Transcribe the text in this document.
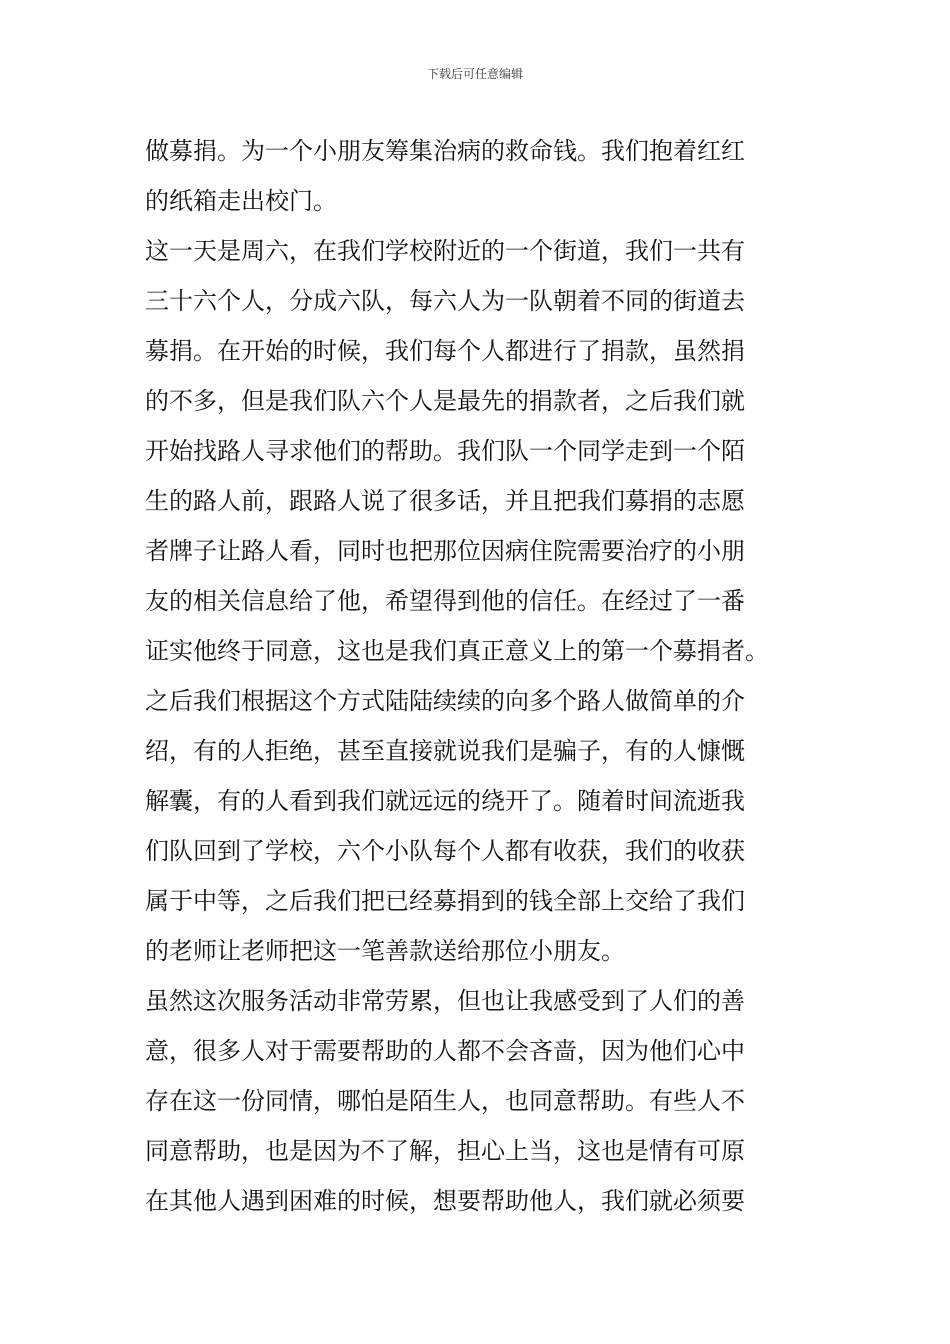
下载后可任意编辑
做募捐。为一个小朋友筹集治病的救命钱。我们抱着红红
的纸箱走出校门。
这一天是周六，在我们学校附近的一个街道，我们一共有
三十六个人，分成六队，每六人为一队朝着不同的街道去
募捐。在开始的时候，我们每个人都进行了捐款，虽然捐
的不多，但是我们队六个人是最先的捐款者，之后我们就
开始找路人寻求他们的帮助。我们队一个同学走到一个陌
生的路人前，跟路人说了很多话，并且把我们募捐的志愿
者牌子让路人看，同时也把那位因病住院需要治疗的小朋
友的相关信息给了他，希望得到他的信任。在经过了一番
证实他终于同意，这也是我们真正意义上的第一个募捐者。
之后我们根据这个方式陆陆续续的向多个路人做简单的介
绍，有的人拒绝，甚至直接就说我们是骗子，有的人慷慨
解囊，有的人看到我们就远远的绕开了。随着时间流逝我
们队回到了学校，六个小队每个人都有收获，我们的收获
属于中等，之后我们把已经募捐到的钱全部上交给了我们
的老师让老师把这一笔善款送给那位小朋友。
虽然这次服务活动非常劳累，但也让我感受到了人们的善
意，很多人对于需要帮助的人都不会吝啬，因为他们心中
存在这一份同情，哪怕是陌生人，也同意帮助。有些人不
同意帮助，也是因为不了解，担心上当，这也是情有可原
在其他人遇到困难的时候，想要帮助他人，我们就必须要
